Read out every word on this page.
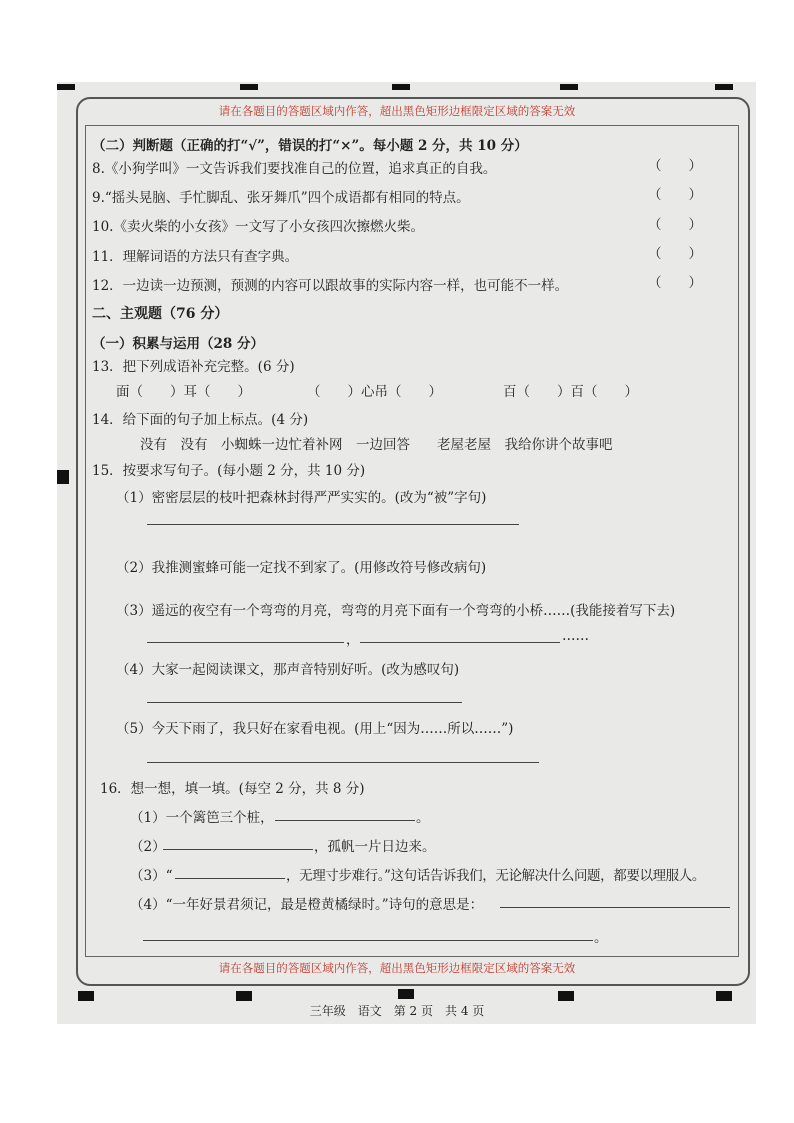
请在各题目的答题区域内作答，超出黑色矩形边框限定区域的答案无效
（二）判断题（正确的打“√”，错误的打“×”。每小题 2 分，共 10 分）
8.《小狗学叫》一文告诉我们要找准自己的位置，追求真正的自我。	（　　）
9.“摇头晃脑、手忙脚乱、张牙舞爪”四个成语都有相同的特点。	（　　）
10.《卖火柴的小女孩》一文写了小女孩四次擦燃火柴。	（　　）
11．理解词语的方法只有查字典。	（　　）
12．一边读一边预测，预测的内容可以跟故事的实际内容一样，也可能不一样。	（　　）
二、主观题（76 分）
（一）积累与运用（28 分）
13．把下列成语补充完整。(6 分)
面（　　）耳（　　）	（　　）心吊（　　）	百（　　）百（　　）
14．给下面的句子加上标点。(4 分)
没有　没有　小蜘蛛一边忙着补网　一边回答　　老屋老屋　我给你讲个故事吧
15．按要求写句子。(每小题 2 分，共 10 分)
（1）密密层层的枝叶把森林封得严严实实的。(改为“被”字句)
（2）我推测蜜蜂可能一定找不到家了。(用修改符号修改病句)
（3）遥远的夜空有一个弯弯的月亮，弯弯的月亮下面有一个弯弯的小桥……(我能接着写下去)
，	……
（4）大家一起阅读课文，那声音特别好听。(改为感叹句)
（5）今天下雨了，我只好在家看电视。(用上“因为……所以……”)
16．想一想，填一填。(每空 2 分，共 8 分)
（1）一个篱笆三个桩，	。
（2）	，孤帆一片日边来。
（3）“	，无理寸步难行。”这句话告诉我们，无论解决什么问题，都要以理服人。
（4）“一年好景君须记，最是橙黄橘绿时。”诗句的意思是：
。
请在各题目的答题区域内作答，超出黑色矩形边框限定区域的答案无效
三年级　语文　第 2 页　共 4 页
